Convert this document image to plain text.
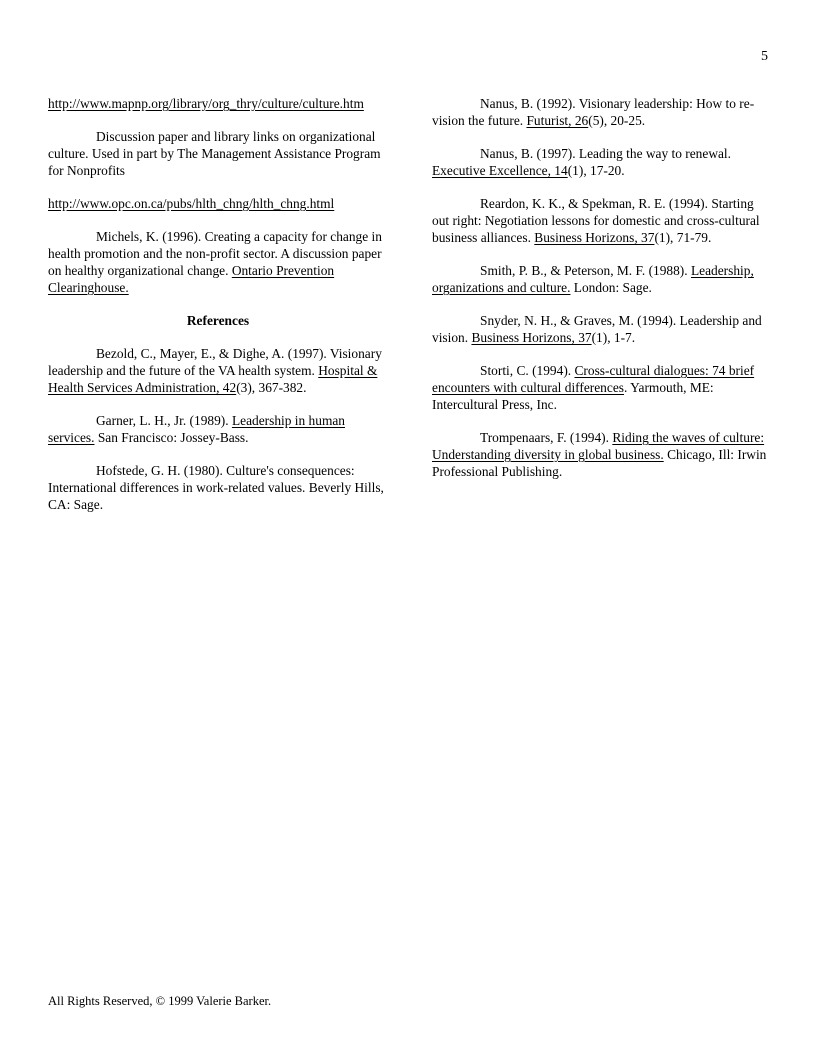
5

http://www.mapnp.org/library/org_thry/culture/culture.htm

Discussion paper and library links on organizational culture. Used in part by The Management Assistance Program for Nonprofits

http://www.opc.on.ca/pubs/hlth_chng/hlth_chng.html

Michels, K. (1996). Creating a capacity for change in health promotion and the non-profit sector. A discussion paper on healthy organizational change. Ontario Prevention Clearinghouse.

References

Bezold, C., Mayer, E., & Dighe, A. (1997). Visionary leadership and the future of the VA health system. Hospital & Health Services Administration, 42(3), 367-382.

Garner, L. H., Jr. (1989). Leadership in human services. San Francisco: Jossey-Bass.

Hofstede, G. H. (1980). Culture's consequences: International differences in work-related values. Beverly Hills, CA: Sage.

Nanus, B. (1992). Visionary leadership: How to re-vision the future. Futurist, 26(5), 20-25.

Nanus, B. (1997). Leading the way to renewal. Executive Excellence, 14(1), 17-20.

Reardon, K. K., & Spekman, R. E. (1994). Starting out right: Negotiation lessons for domestic and cross-cultural business alliances. Business Horizons, 37(1), 71-79.

Smith, P. B., & Peterson, M. F. (1988). Leadership, organizations and culture. London: Sage.

Snyder, N. H., & Graves, M. (1994). Leadership and vision. Business Horizons, 37(1), 1-7.

Storti, C. (1994). Cross-cultural dialogues: 74 brief encounters with cultural differences. Yarmouth, ME: Intercultural Press, Inc.

Trompenaars, F. (1994). Riding the waves of culture: Understanding diversity in global business. Chicago, Ill: Irwin Professional Publishing.

All Rights Reserved, © 1999 Valerie Barker.
